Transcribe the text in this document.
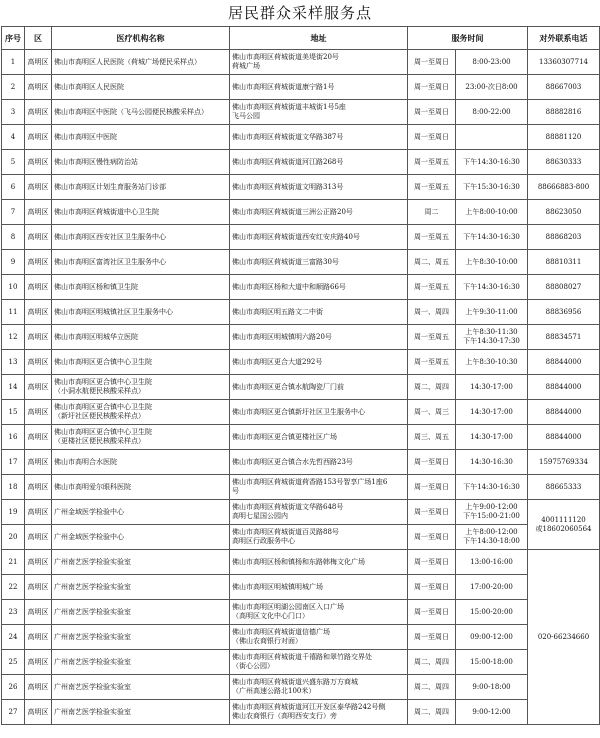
居民群众采样服务点
序号	区	医疗机构名称	地址	服务时间		对外联系电话
1	高明区	佛山市高明区人民医院（荷城广场便民采样点）	佛山市高明区荷城街道美堤街20号
荷城广场	周一至周日	8:00-23:00	13360307714
2	高明区	佛山市高明区人民医院	佛山市高明区荷城街道康宁路1号	周一至周日	23:00-次日8:00	88667003
3	高明区	佛山市高明区中医院（飞马公园便民核酸采样点）	佛山市高明区荷城街道丰城街1号5座
飞马公园	周一至周日	8:00-22:00	88882816
4	高明区	佛山市高明区中医院	佛山市高明区荷城街道文华路387号	周一至周日		88881120
5	高明区	佛山市高明区慢性病防治站	佛山市高明区荷城街道河江路268号	周一至周五	下午14:30-16:30	88630333
6	高明区	佛山市高明区计划生育服务站门诊部	佛山市高明区荷城街道文明路313号	周一至周五	下午15:30-16:30	88666883-800
7	高明区	佛山市高明区荷城街道中心卫生院	佛山市高明区荷城街道三洲公正路20号	周二	上午8:00-10:00	88623050
8	高明区	佛山市高明区西安社区卫生服务中心	佛山市高明区荷城街道西安红安庆路40号	周一至周五	下午14:30-16:30	88868203
9	高明区	佛山市高明区富湾社区卫生服务中心	佛山市高明区荷城街道三富路30号	周二、周五	上午8:30-10:00	88810311
10	高明区	佛山市高明区杨和镇卫生院	佛山市高明区杨和大道中和顺路66号	周一至周五	下午14:30-16:30	88808027
11	高明区	佛山市高明区明城镇社区卫生服务中心	佛山市高明区明五路文二中街	周一、周四	上午9:30-11:00	88836956
12	高明区	佛山市高明区明城华立医院	佛山市高明区明城镇明六路20号	周一至周五	上午8:30-11:30
下午14:30-17:30	88834571
13	高明区	佛山市高明区更合镇中心卫生院	佛山市高明区更合大道292号	周一至周五	上午8:30-10:30	88844000
14	高明区	佛山市高明区更合镇中心卫生院
（小洞水航便民核酸采样点）	佛山市高明区更合镇水航陶瓷厂门前	周二、周四	14:30-17:00	88844000
15	高明区	佛山市高明区更合镇中心卫生院
（新圩社区便民核酸采样点）	佛山市高明区更合镇新圩社区卫生服务中心	周一、周三	14:30-17:00	88844000
16	高明区	佛山市高明区更合镇中心卫生院
（更楼社区便民核酸采样点）	佛山市高明区更合镇更楼社区广场	周三、周五	14:30-17:00	88844000
17	高明区	佛山市高明合水医院	佛山市高明区更合镇合水先哲西路23号	周一至周日	14:30-16:30	15975769334
18	高明区	佛山市高明爱尔眼科医院	佛山市高明区荷城街道荷香路153号智享广场1座6
号	周一至周日	下午14:30-16:30	88665333
19	高明区	广州金域医学检验中心	佛山市高明区荷城街道文华路648号
高明七星国公园内	周一至周日	上午9:00-12:00
下午15:00-21:00	4001111120
或18602060564

20	高明区	广州金域医学检验中心	佛山市高明区荷城街道百灵路88号
高明区行政服务中心	周一至周日	上午8:00-12:00
下午14:30-18:00	

21	高明区	广州南艺医学检验实验室	佛山市高明区杨和镇杨和东路韩梅文化广场	周一至周日	13:00-16:00	020-66234660

22	高明区	广州南艺医学检验实验室	佛山市高明区明城镇明城广场	周一至周日	17:00-20:00	

23	高明区	广州南艺医学检验实验室	佛山市高明区明湖公园南区入口广场
（高明区文化中心门口）	周一至周日	15:00-20:00	

24	高明区	广州南艺医学检验实验室	佛山市高明区荷城街道信德广场
（佛山农商银行对面）	周一至周日	09:00-12:00	

25	高明区	广州南艺医学检验实验室	佛山市高明区荷城街道千禧路和翠竹路交界处
（街心公园）	周二、周四	15:00-18:00	

26	高明区	广州南艺医学检验实验室	佛山市高明区荷城街道兴盛东路万方商城
（广州高速公路北100米）	周二、周四	9:00-18:00	

27	高明区	广州南艺医学检验实验室	佛山市高明区荷城街道河江开发区泰华路242号侧
佛山农商银行（高明西安支行）旁	周二、周四	9:00-12:00	
